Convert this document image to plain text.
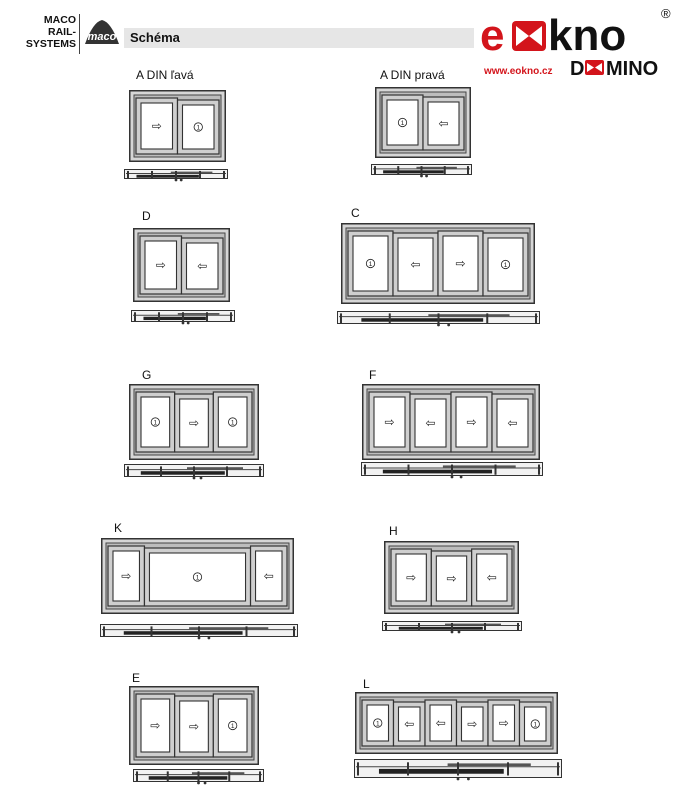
MACO
RAIL-SYSTEMS
maco Schéma	e kno	®
www.eokno.cz D MINO
A DIN ľavá	A DIN pravá
D	C
G	F
K	H
E	L
⇨	1
1	⇦
⇨	⇦	1	⇦	⇨	1
1	⇨	1	⇨	⇦	⇨	⇦
⇨	1	⇦	⇨	⇨	⇦
⇨ ⇨	1	1 ⇦ ⇦ ⇨ ⇨	1
